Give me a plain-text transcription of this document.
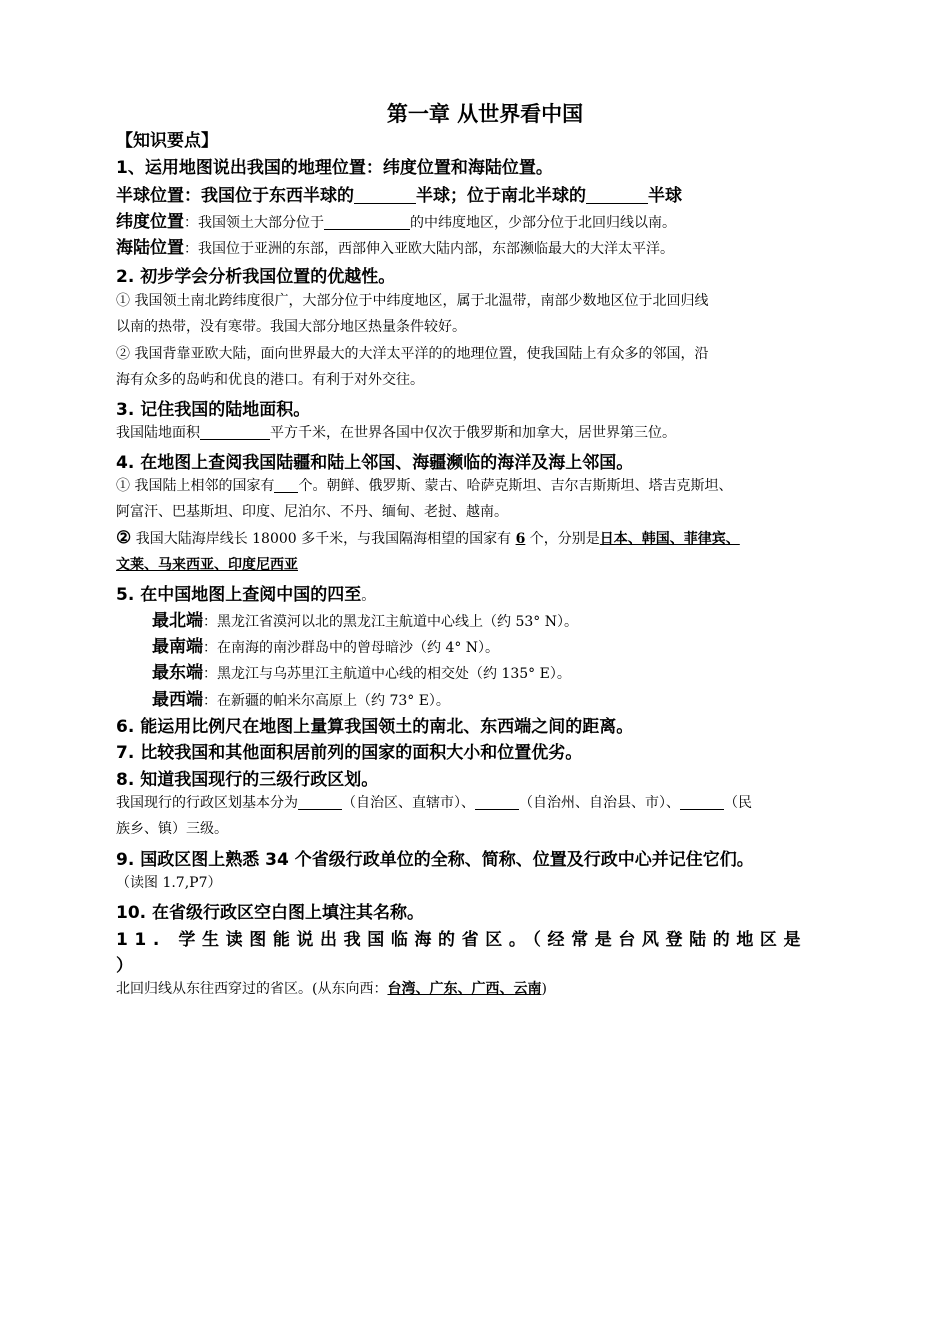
第一章 从世界看中国
【知识要点】
1、运用地图说出我国的地理位置：纬度位置和海陆位置。
半球位置：我国位于东西半球的	半球；位于南北半球的	半球
纬度位置：我国领土大部分位于	的中纬度地区，少部分位于北回归线以南。
海陆位置：我国位于亚洲的东部，西部伸入亚欧大陆内部，东部濒临最大的大洋太平洋。
2. 初步学会分析我国位置的优越性。
① 我国领土南北跨纬度很广，大部分位于中纬度地区，属于北温带，南部少数地区位于北回归线
以南的热带，没有寒带。我国大部分地区热量条件较好。
② 我国背靠亚欧大陆，面向世界最大的大洋太平洋的的地理位置，使我国陆上有众多的邻国，沿
海有众多的岛屿和优良的港口。有利于对外交往。
3. 记住我国的陆地面积。
我国陆地面积	平方千米，在世界各国中仅次于俄罗斯和加拿大，居世界第三位。
4. 在地图上查阅我国陆疆和陆上邻国、海疆濒临的海洋及海上邻国。
① 我国陆上相邻的国家有 个。朝鲜、俄罗斯、蒙古、哈萨克斯坦、吉尔吉斯斯坦、塔吉克斯坦、
阿富汗、巴基斯坦、印度、尼泊尔、不丹、缅甸、老挝、越南。
② 我国大陆海岸线长 18000 多千米，与我国隔海相望的国家有 6 个，分别是日本、韩国、菲律宾、
文莱、马来西亚、印度尼西亚
5. 在中国地图上查阅中国的四至。
最北端：黑龙江省漠河以北的黑龙江主航道中心线上（约 53° N）。
最南端：在南海的南沙群岛中的曾母暗沙（约 4° N）。
最东端：黑龙江与乌苏里江主航道中心线的相交处（约 135° E）。
最西端：在新疆的帕米尔高原上（约 73° E）。
6. 能运用比例尺在地图上量算我国领土的南北、东西端之间的距离。
7. 比较我国和其他面积居前列的国家的面积大小和位置优劣。
8. 知道我国现行的三级行政区划。
我国现行的行政区划基本分为	（自治区、直辖市）、	（自治州、自治县、市）、	（民
族乡、镇）三级。
9. 国政区图上熟悉 34 个省级行政单位的全称、简称、位置及行政中心并记住它们。
（读图 1.7,P7）
10. 在省级行政区空白图上填注其名称。
11. 学生读图能说出我国临海的省区。（经常是台风登陆的地区是
）
北回归线从东往西穿过的省区。(从东向西：台湾、广东、广西、云南)
